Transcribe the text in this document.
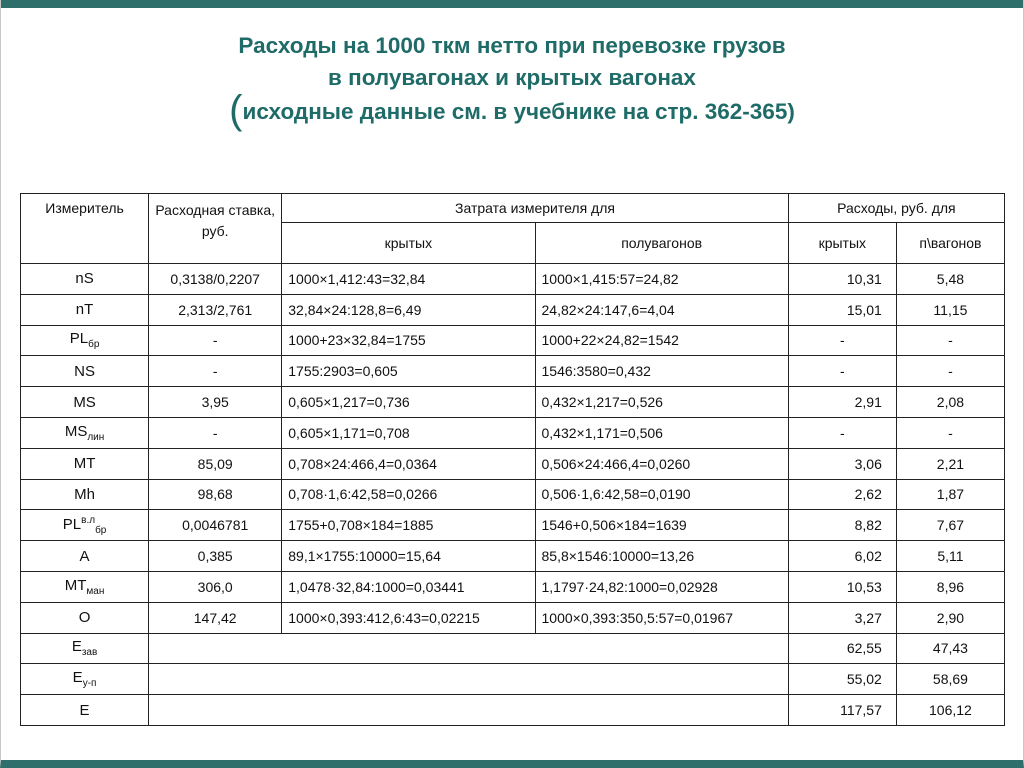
Расходы на 1000 ткм нетто при перевозке грузов
в полувагонах и крытых вагонах
(исходные данные см. в учебнике на стр. 362-365)
Измеритель	Расходная ставка, руб.	Затрата измерителя для		Расходы, руб. для	
		крытых	полувагонов	крытых	п\вагонов
nS	0,3138/0,2207	1000×1,412:43=32,84	1000×1,415:57=24,82	10,31	5,48
nT	2,313/2,761	32,84×24:128,8=6,49	24,82×24:147,6=4,04	15,01	11,15
$PL_{бр}$	-	1000+23×32,84=1755	1000+22×24,82=1542	-	-
NS	-	1755:2903=0,605	1546:3580=0,432	-	-
MS	3,95	0,605×1,217=0,736	0,432×1,217=0,526	2,91	2,08
$MS_{лин}$	-	0,605×1,171=0,708	0,432×1,171=0,506	-	-
MT	85,09	0,708×24:466,4=0,0364	0,506×24:466,4=0,0260	3,06	2,21
Mh	98,68	0,708·1,6:42,58=0,0266	0,506·1,6:42,58=0,0190	2,62	1,87
$PL^{в.л}_{бр}$	0,0046781	1755+0,708×184=1885	1546+0,506×184=1639	8,82	7,67
A	0,385	89,1×1755:10000=15,64	85,8×1546:10000=13,26	6,02	5,11
$MT_{ман}$	306,0	1,0478·32,84:1000=0,03441	1,1797·24,82:1000=0,02928	10,53	8,96
O	147,42	1000×0,393:412,6:43=0,02215	1000×0,393:350,5:57=0,01967	3,27	2,90
$E_{зав}$				62,55	47,43
$E_{у-п}$				55,02	58,69
E				117,57	106,12
